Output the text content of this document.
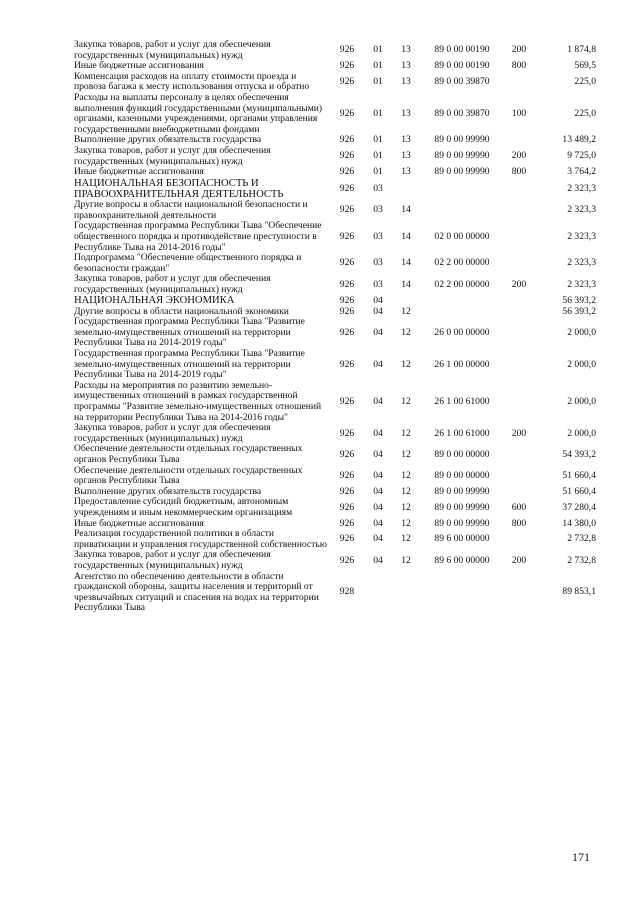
Закупка товаров, работ и услуг для обеспечения государственных (муниципальных) нужд	926	01	13	89 0 00 00190	200	1 874,8
Иные бюджетные ассигнования	926	01	13	89 0 00 00190	800	569,5
Компенсация расходов на оплату стоимости проезда и провоза багажа к месту использования отпуска и обратно	926	01	13	89 0 00 39870		225,0
Расходы на выплаты персоналу в целях обеспечения выполнения функций государственными (муниципальными) органами, казенными учреждениями, органами управления государственными внебюджетными фондами	926	01	13	89 0 00 39870	100	225,0
Выполнение других обязательств государства	926	01	13	89 0 00 99990		13 489,2
Закупка товаров, работ и услуг для обеспечения государственных (муниципальных) нужд	926	01	13	89 0 00 99990	200	9 725,0
Иные бюджетные ассигнования	926	01	13	89 0 00 99990	800	3 764,2
НАЦИОНАЛЬНАЯ БЕЗОПАСНОСТЬ И ПРАВООХРАНИТЕЛЬНАЯ ДЕЯТЕЛЬНОСТЬ	926	03				2 323,3
Другие вопросы в области национальной безопасности и правоохранительной деятельности	926	03	14			2 323,3
Государственная программа Республики Тыва "Обеспечение общественного порядка и противодействие преступности в Республике Тыва на 2014-2016 годы"	926	03	14	02 0 00 00000		2 323,3
Подпрограмма "Обеспечение общественного порядка и безопасности граждан"	926	03	14	02 2 00 00000		2 323,3
Закупка товаров, работ и услуг для обеспечения государственных (муниципальных) нужд	926	03	14	02 2 00 00000	200	2 323,3
НАЦИОНАЛЬНАЯ ЭКОНОМИКА	926	04				56 393,2
Другие вопросы в области национальной экономики	926	04	12			56 393,2
Государственная программа Республики Тыва "Развитие земельно-имущественных отношений на территории Республики Тыва на 2014-2019 годы"	926	04	12	26 0 00 00000		2 000,0
Государственная программа Республики Тыва "Развитие земельно-имущественных отношений на территории Республики Тыва на 2014-2019 годы"	926	04	12	26 1 00 00000		2 000,0
Расходы на мероприятия по развитию земельно-имущественных отношений в рамках государственной программы "Развитие земельно-имущественных отношений на территории Республики Тыва на 2014-2016 годы"	926	04	12	26 1 00 61000		2 000,0
Закупка товаров, работ и услуг для обеспечения государственных (муниципальных) нужд	926	04	12	26 1 00 61000	200	2 000,0
Обеспечение деятельности отдельных государственных органов Республики Тыва	926	04	12	89 0 00 00000		54 393,2
Обеспечение деятельности отдельных государственных органов Республики Тыва	926	04	12	89 0 00 00000		51 660,4
Выполнение других обязательств государства	926	04	12	89 0 00 99990		51 660,4
Предоставление субсидий бюджетным, автономным учреждениям и иным некоммерческим организациям	926	04	12	89 0 00 99990	600	37 280,4
Иные бюджетные ассигнования	926	04	12	89 0 00 99990	800	14 380,0
Реализация государственной политики в области приватизации и управления государственной собственностью	926	04	12	89 6 00 00000		2 732,8
Закупка товаров, работ и услуг для обеспечения государственных (муниципальных) нужд	926	04	12	89 6 00 00000	200	2 732,8
Агентство по обеспечению деятельности в области гражданской обороны, защиты населения и территорий от чрезвычайных ситуаций и спасения на водах на территории Республики Тыва	928					89 853,1
171
